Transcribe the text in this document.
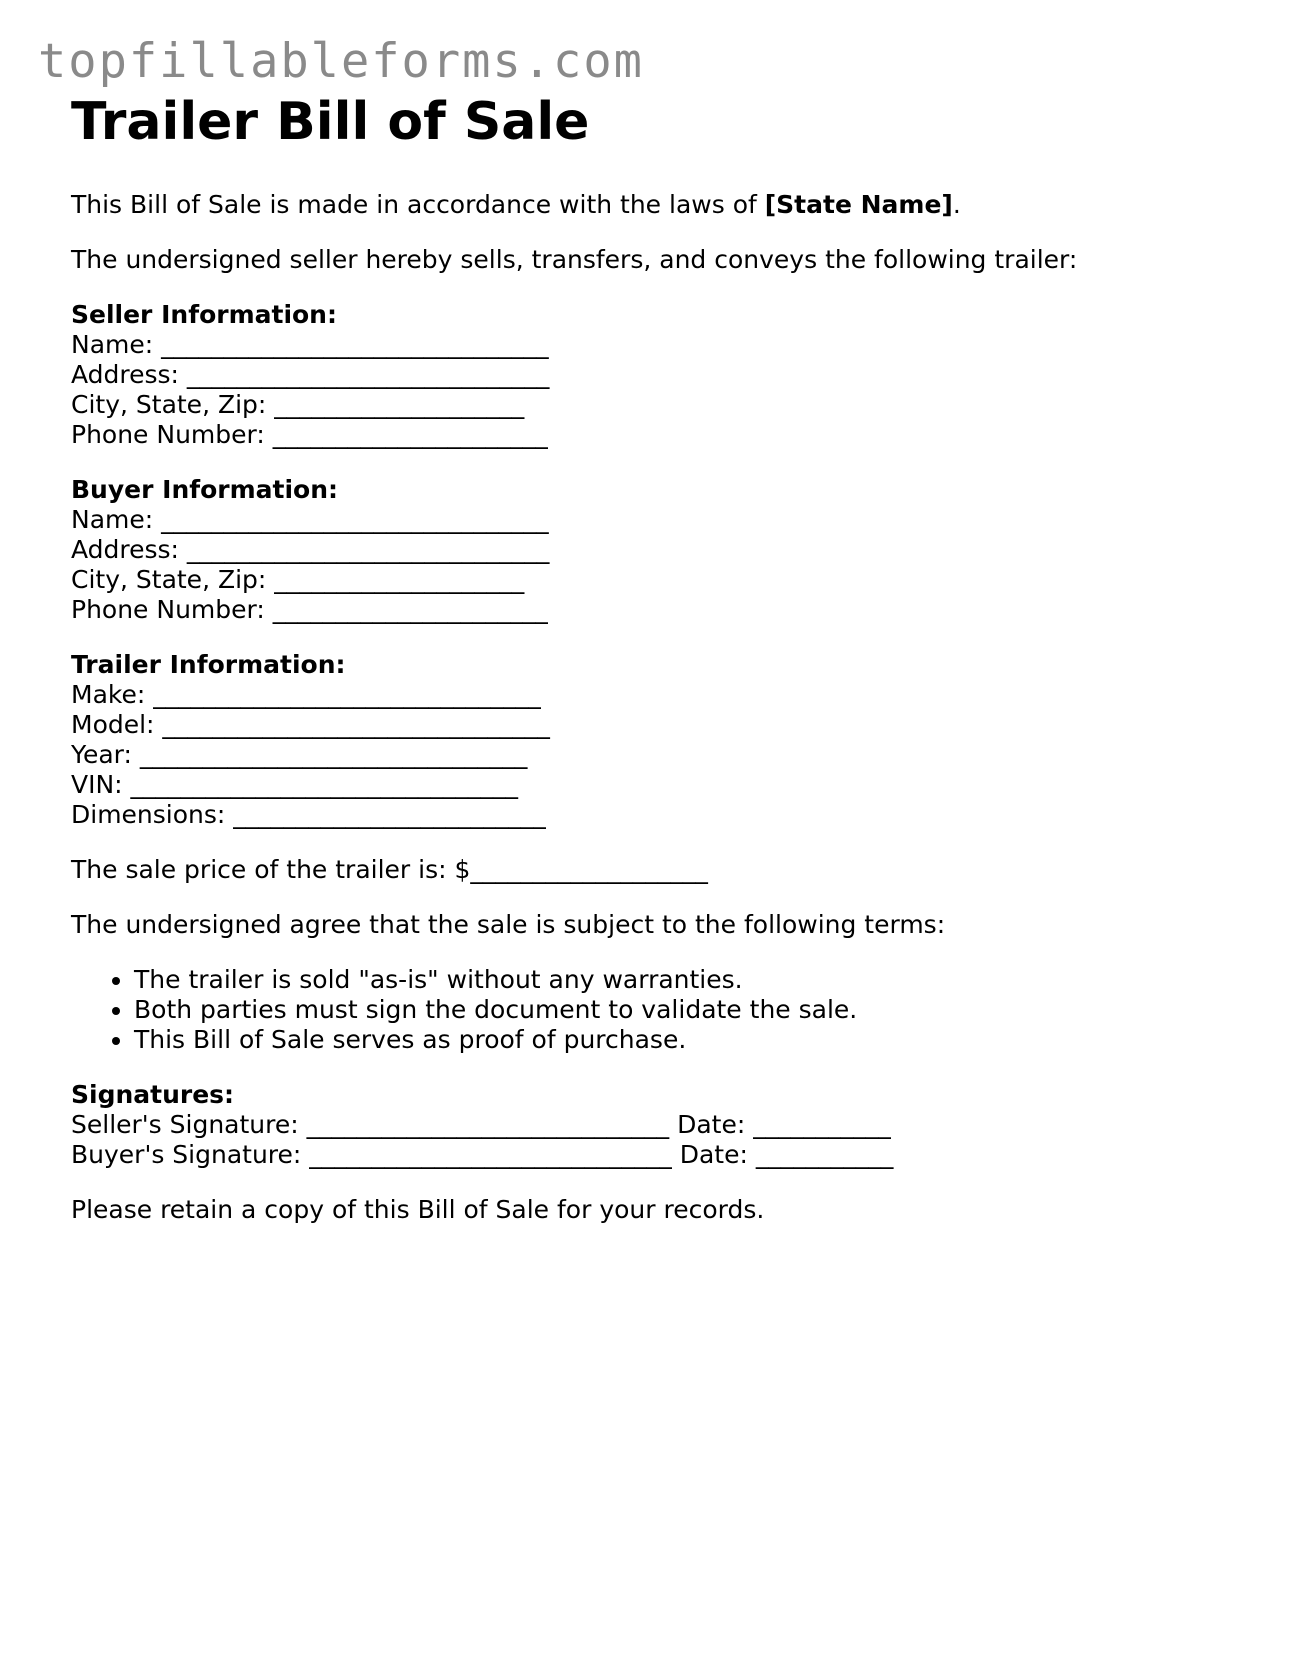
topfillableforms.com
Trailer Bill of Sale

This Bill of Sale is made in accordance with the laws of [State Name].

The undersigned seller hereby sells, transfers, and conveys the following trailer:

Seller Information:
Name: _______________________________
Address: _____________________________
City, State, Zip: ____________________
Phone Number: ______________________
Buyer Information:
Name: _______________________________
Address: _____________________________
City, State, Zip: ____________________
Phone Number: ______________________
Trailer Information:
Make: _______________________________
Model: _______________________________
Year: _______________________________
VIN: _______________________________
Dimensions: _________________________

The sale price of the trailer is: $___________________

The undersigned agree that the sale is subject to the following terms:

• The trailer is sold "as-is" without any warranties.
• Both parties must sign the document to validate the sale.
• This Bill of Sale serves as proof of purchase.
Signatures:
Seller's Signature: _____________________________ Date: ___________
Buyer's Signature: _____________________________ Date: ___________

Please retain a copy of this Bill of Sale for your records.
